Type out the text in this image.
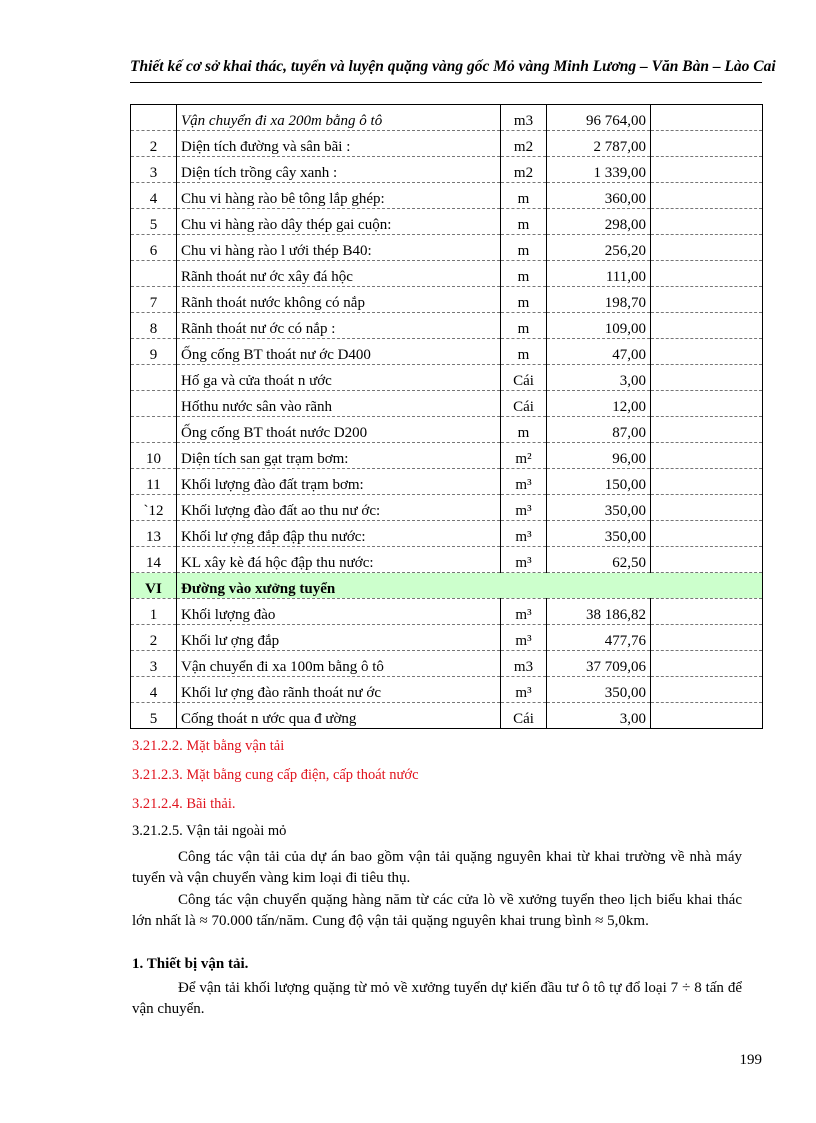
Thiết kế cơ sở khai thác, tuyển và luyện quặng vàng gốc Mỏ vàng Minh Lương – Văn Bàn – Lào Cai
	Vận chuyển đi xa 200m bằng ô tô	m3	96 764,00	
2	Diện tích đường và sân bãi :	m2	2 787,00	
3	Diện tích trồng cây xanh :	m2	1 339,00	
4	Chu vi hàng rào bê tông lắp ghép:	m	360,00	
5	Chu vi hàng rào dây thép gai cuộn:	m	298,00	
6	Chu vi hàng rào l ưới thép B40:	m	256,20	
	Rãnh thoát nư ớc xây đá hộc	m	111,00	
7	Rãnh thoát nước không có nắp	m	198,70	
8	Rãnh thoát nư ớc có nắp :	m	109,00	
9	Ống cống BT thoát nư ớc D400	m	47,00	
	Hố ga và cửa thoát n ước	Cái	3,00	
	Hốthu nước sân vào rãnh	Cái	12,00	
	Ống cống BT thoát nước D200	m	87,00	
10	Diện tích san gạt trạm bơm:	m²	96,00	
11	Khối lượng đào đất trạm bơm:	m³	150,00	
`12	Khối lượng đào đất ao thu nư ớc:	m³	350,00	
13	Khối lư ợng đắp đập thu nước:	m³	350,00	
14	KL xây kè đá hộc đập thu nước:	m³	62,50	
VI	Đường vào xưởng tuyển			
1	Khối lượng đào	m³	38 186,82	
2	Khối lư ợng đắp	m³	477,76	
3	Vận chuyển đi xa 100m bằng ô tô	m3	37 709,06	
4	Khối lư ợng đào rãnh thoát nư ớc	m³	350,00	
5	Cống thoát n ước qua đ ường	Cái	3,00	
3.21.2.2. Mặt bằng vận tải
3.21.2.3. Mặt bằng cung cấp điện, cấp thoát nước
3.21.2.4. Bãi thải.
3.21.2.5. Vận tải ngoài mỏ
Công tác vận tải của dự án bao gồm vận tải quặng nguyên khai từ khai trường về nhà máy tuyển và vận chuyển vàng kim loại đi tiêu thụ.
Công tác vận chuyển quặng hàng năm từ các cửa lò về xưởng tuyển theo lịch biểu khai thác lớn nhất là ≈ 70.000 tấn/năm. Cung độ vận tải quặng nguyên khai trung bình ≈ 5,0km.
1. Thiết bị vận tải.
Để vận tải khối lượng quặng từ mỏ về xưởng tuyển dự kiến đầu tư ô tô tự đổ loại 7 ÷ 8 tấn để vận chuyển.
199
